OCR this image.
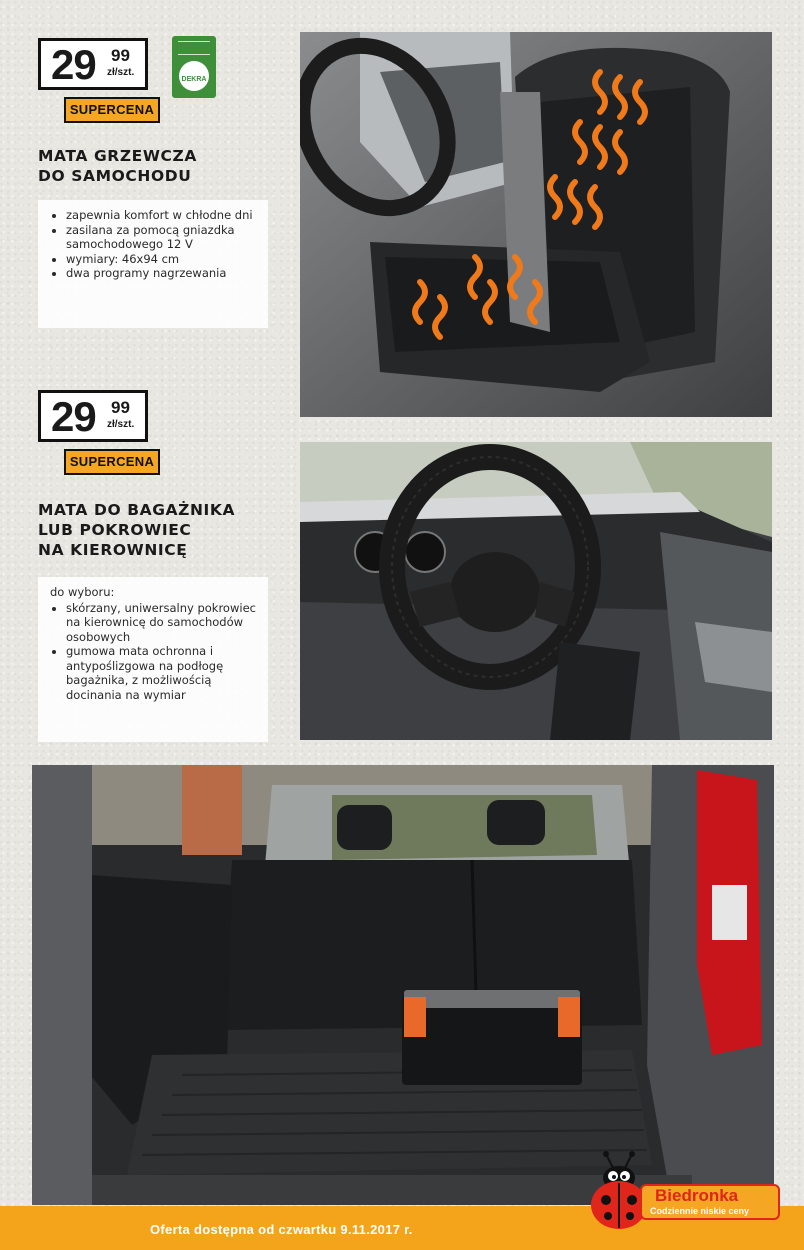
29 99
zł/szt.
SUPERCENA
DEKRA
MATA GRZEWCZA
DO SAMOCHODU
• zapewnia komfort w chłodne dni
• zasilana za pomocą gniazdka samochodowego 12 V
• wymiary: 46x94 cm
• dwa programy nagrzewania
29 99
zł/szt.
SUPERCENA
MATA DO BAGAŻNIKA
LUB POKROWIEC
NA KIEROWNICĘ
do wyboru:
• skórzany, uniwersalny pokrowiec na kierownicę do samochodów osobowych
• gumowa mata ochronna i antypoślizgowa na podłogę bagażnika, z możliwością docinania na wymiar
Oferta dostępna od czwartku 9.11.2017 r.
Biedronka
Codziennie niskie ceny
